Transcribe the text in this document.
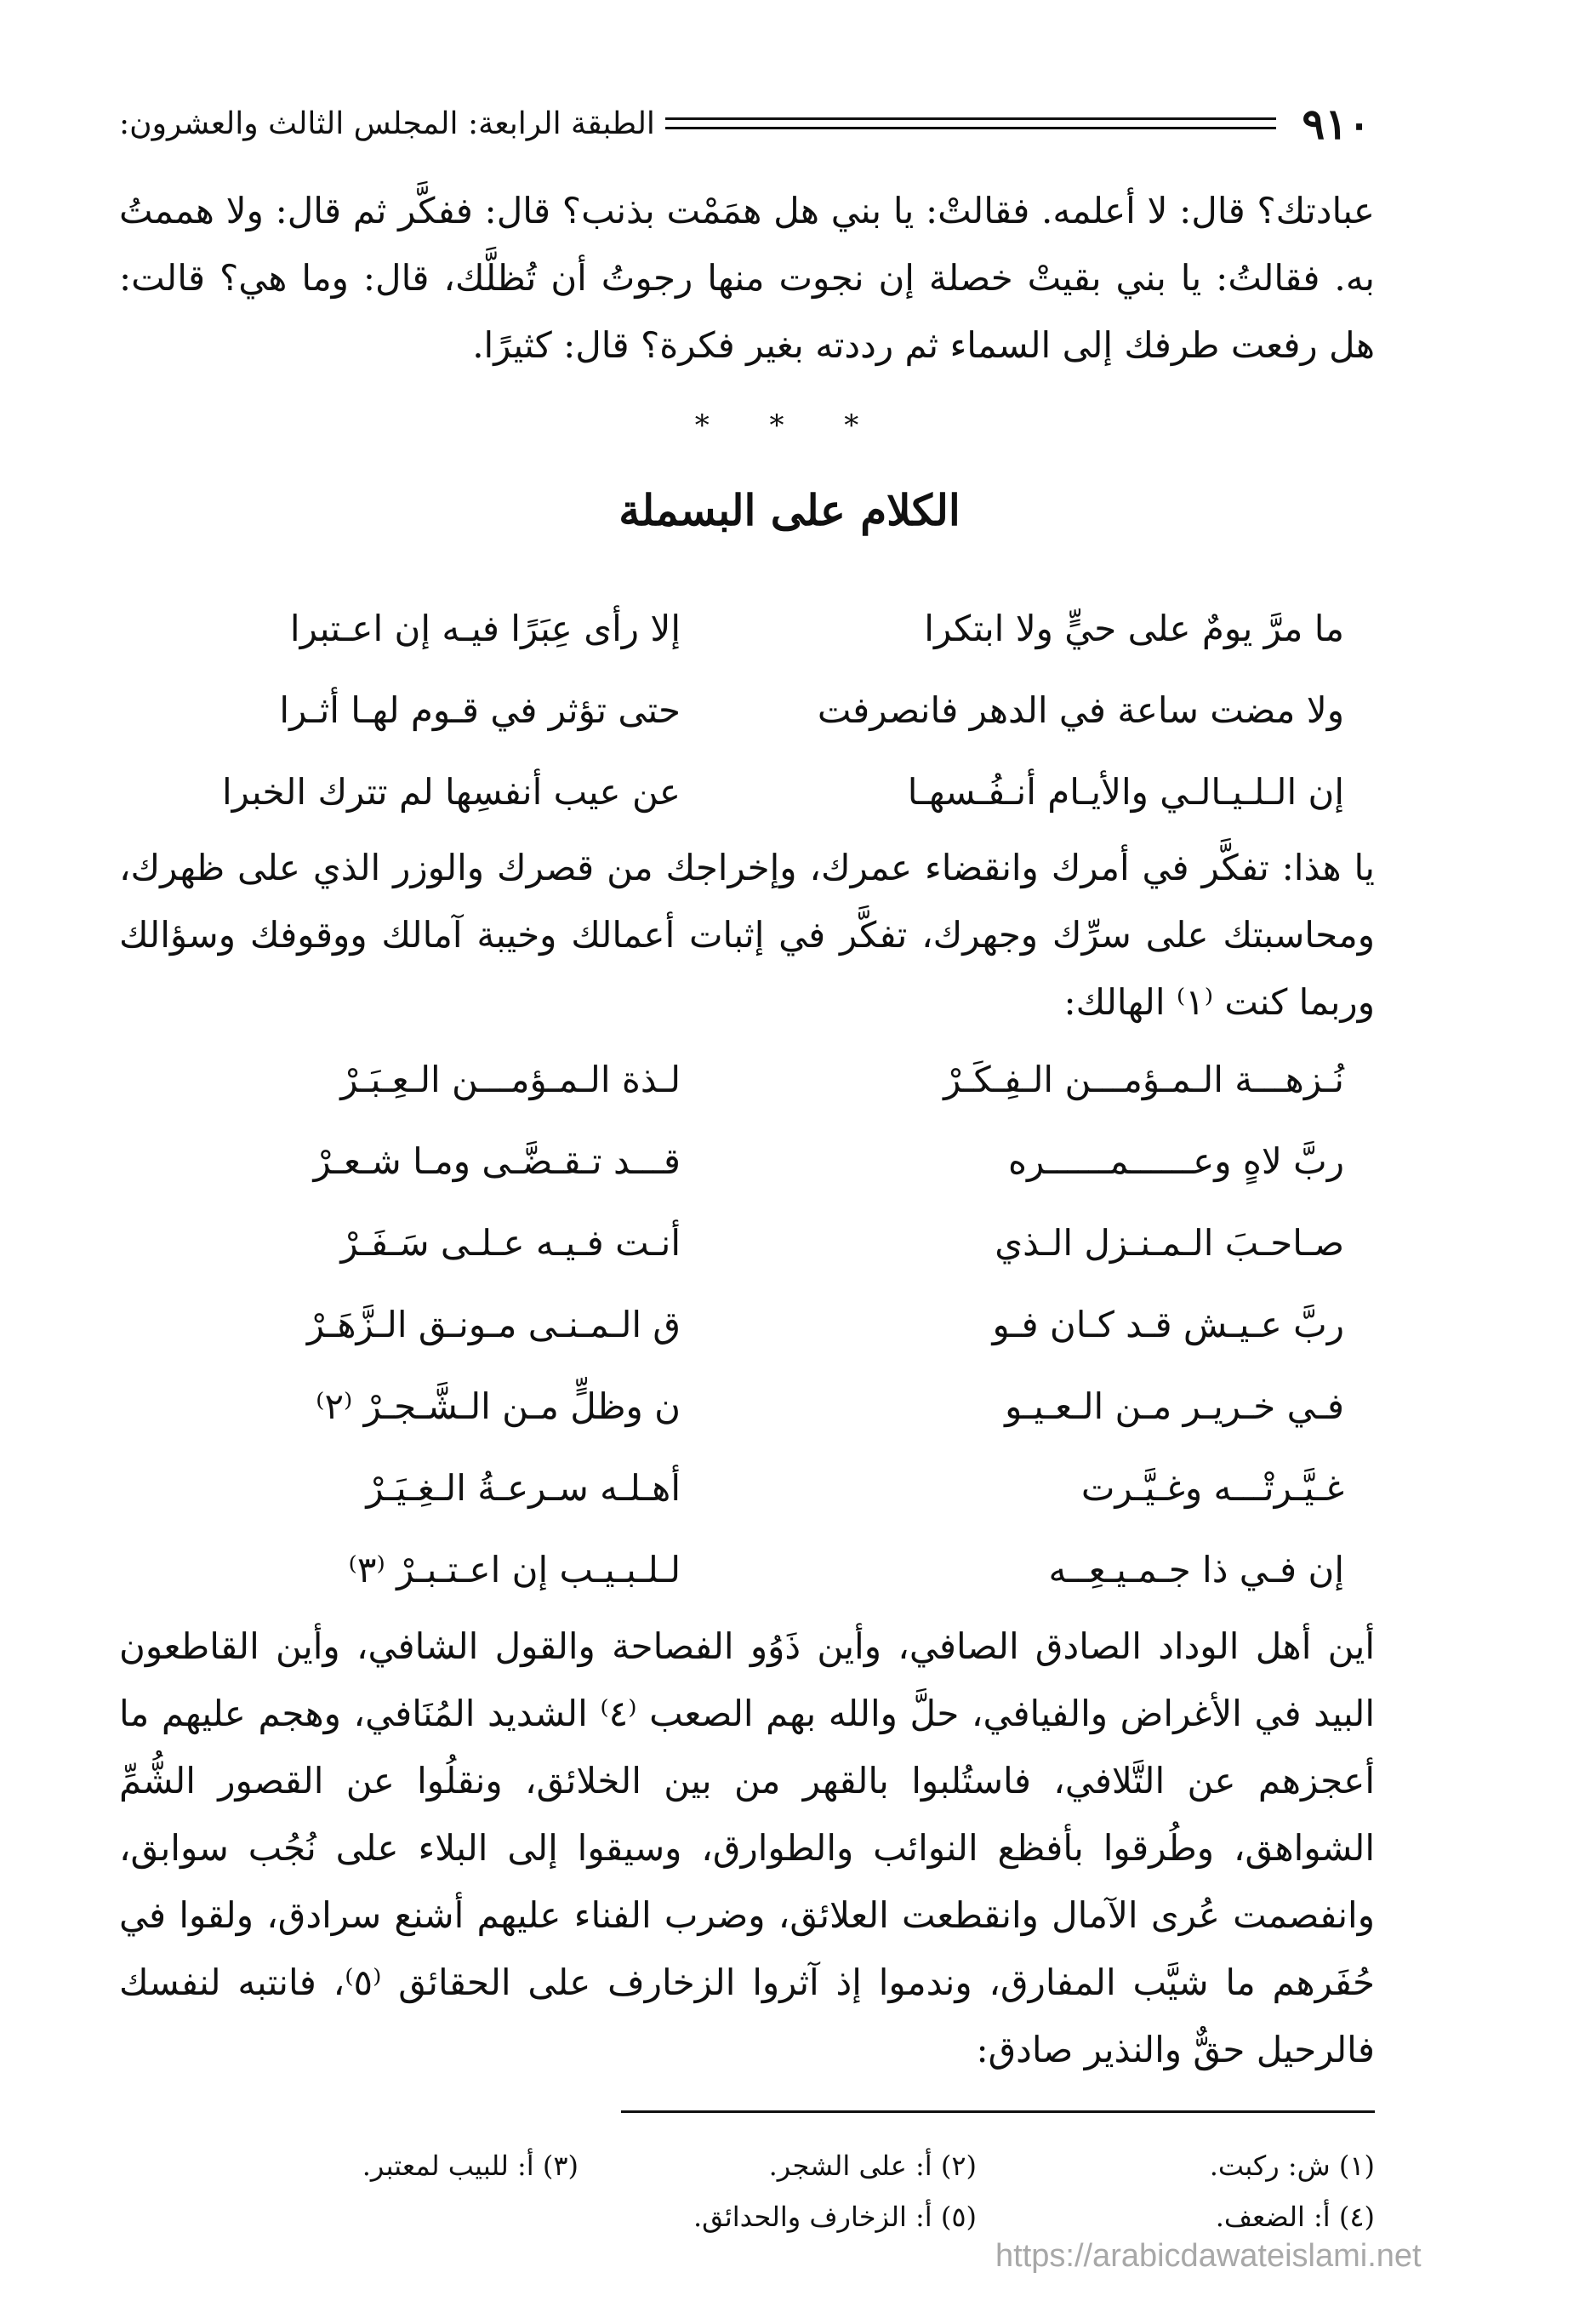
٩١٠
الطبقة الرابعة: المجلس الثالث والعشرون:
عبادتك؟ قال: لا أعلمه. فقالتْ: يا بني هل همَمْت بذنب؟ قال: ففكَّر ثم قال: ولا هممتُ به. فقالتُ: يا بني بقيتْ خصلة إن نجوت منها رجوتُ أن تُظلَّك، قال: وما هي؟ قالت: هل رفعت طرفك إلى السماء ثم رددته بغير فكرة؟ قال: كثيرًا.
* * *
الكلام على البسملة
ما مرَّ يومٌ على حيٍّ ولا ابتكرا
إلا رأى عِبَرًا فيـه إن اعـتبرا
ولا مضت ساعة في الدهر فانصرفت
حتى تؤثر في قـوم لهـا أثـرا
إن الـلـيـالـي والأيـام أنـفُـسهـا
عن عيب أنفسِها لم تترك الخبرا
يا هذا: تفكَّر في أمرك وانقضاء عمرك، وإخراجك من قصرك والوزر الذي على ظهرك، ومحاسبتك على سرِّك وجهرك، تفكَّر في إثبات أعمالك وخيبة آمالك ووقوفك وسؤالك وربما كنت ⁽١⁾ الهالك:
نُـزهـــة الـمـؤمـــن الـفِـكَـرْ
لـذة الـمـؤمـــن الـعِـبَـرْ
ربَّ لاهٍ وعــــــمــــــره
قـــد تـقـضَّـى ومـا شـعـرْ
صـاحـبَ الـمـنـزل الـذي
أنـت فـيـه عـلـى سَـفَـرْ
ربَّ عـيـش قـد كـان فـو
ق الـمـنـى مـونـق الـزَّهَـرْ
فـي خـريـر مـن الـعـيـو
ن وظلٍّ مـن الـشَّـجـرْ ⁽٢⁾
غـيَّـرتْـــه وغـيَّـرت
أهـلـه سـرعـةُ الـغِـيَـرْ
إن فـي ذا جـمـيـعِــه
لـلـبـيـب إن اعـتـبـرْ ⁽٣⁾
أين أهل الوداد الصادق الصافي، وأين ذَوُو الفصاحة والقول الشافي، وأين القاطعون البيد في الأغراض والفيافي، حلَّ والله بهم الصعب ⁽٤⁾ الشديد المُنَافي، وهجم عليهم ما أعجزهم عن التَّلافي، فاستُلبوا بالقهر من بين الخلائق، ونقلُوا عن القصور الشُّمِّ الشواهق، وطُرقوا بأفظع النوائب والطوارق، وسيقوا إلى البلاء على نُجُب سوابق، وانفصمت عُرى الآمال وانقطعت العلائق، وضرب الفناء عليهم أشنع سرادق، ولقوا في حُفَرهم ما شيَّب المفارق، وندموا إذ آثروا الزخارف على الحقائق ⁽٥⁾، فانتبه لنفسك فالرحيل حقٌّ والنذير صادق:
(١) ش: ركبت.
(٢) أ: على الشجر.
(٣) أ: للبيب لمعتبر.
(٤) أ: الضعف.
(٥) أ: الزخارف والحدائق.
https://arabicdawateislami.net
